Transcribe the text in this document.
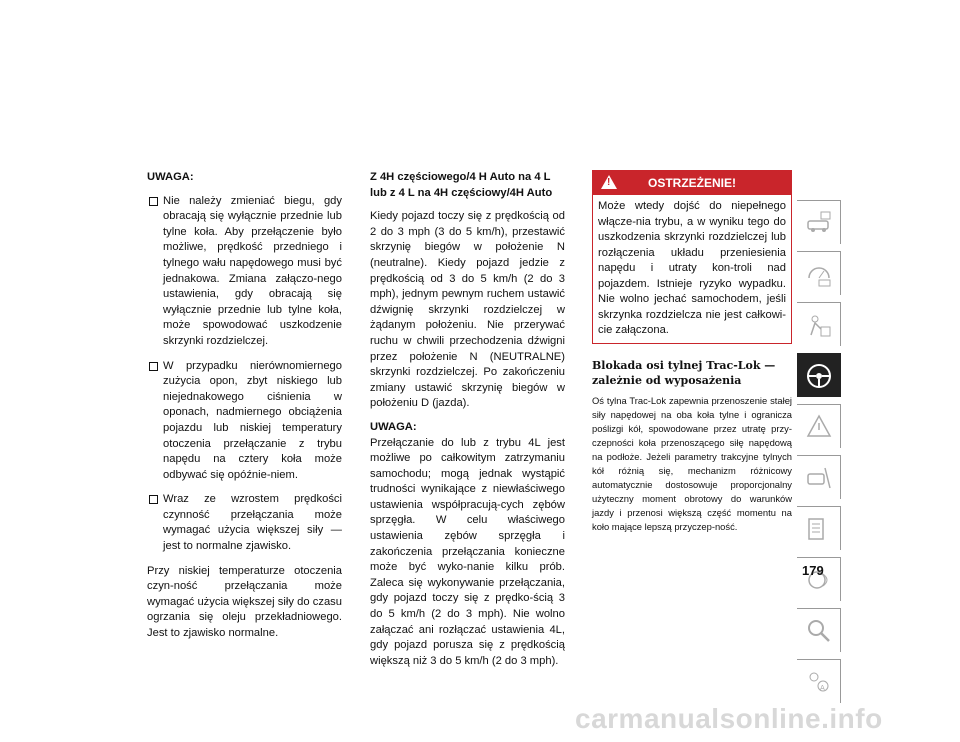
UWAGA:
Nie należy zmieniać biegu, gdy obracają się wyłącznie przednie lub tylne koła. Aby przełączenie było możliwe, prędkość przedniego i tylnego wału napędowego musi być jednakowa. Zmiana załączo-nego ustawienia, gdy obracają się wyłącznie przednie lub tylne koła, może spowodować uszkodzenie skrzynki rozdzielczej.
W przypadku nierównomiernego zużycia opon, zbyt niskiego lub niejednakowego ciśnienia w oponach, nadmiernego obciążenia pojazdu lub niskiej temperatury otoczenia przełączanie z trybu napędu na cztery koła może odbywać się opóźnie-niem.
Wraz ze wzrostem prędkości czynność przełączania może wymagać użycia większej siły — jest to normalne zjawisko.

Przy niskiej temperaturze otoczenia czyn-ność przełączania może wymagać użycia większej siły do czasu ogrzania się oleju przekładniowego. Jest to zjawisko normalne.

Z 4H częściowego/4 H Auto na 4 L lub z 4 L na 4H częściowy/4H Auto

Kiedy pojazd toczy się z prędkością od 2 do 3 mph (3 do 5 km/h), przestawić skrzynię biegów w położenie N (neutralne). Kiedy pojazd jedzie z prędkością od 3 do 5 km/h (2 do 3 mph), jednym pewnym ruchem ustawić dźwignię skrzynki rozdzielczej w żądanym położeniu. Nie przerywać ruchu w chwili przechodzenia dźwigni przez położenie N (NEUTRALNE) skrzynki rozdzielczej. Po zakończeniu zmiany ustawić skrzynię biegów w położeniu D (jazda).

UWAGA:

Przełączanie do lub z trybu 4L jest możliwe po całkowitym zatrzymaniu samochodu; mogą jednak wystąpić trudności wynikające z niewłaściwego ustawienia współpracują-cych zębów sprzęgła. W celu właściwego ustawienia zębów sprzęgła i zakończenia przełączania konieczne może być wyko-nanie kilku prób. Zaleca się wykonywanie przełączania, gdy pojazd toczy się z prędko-ścią 3 do 5 km/h (2 do 3 mph). Nie wolno załączać ani rozłączać ustawienia 4L, gdy pojazd porusza się z prędkością większą niż 3 do 5 km/h (2 do 3 mph).

!	OSTRZEŻENIE!
Może wtedy dojść do niepełnego włącze-nia trybu, a w wyniku tego do uszkodzenia skrzynki rozdzielczej lub rozłączenia układu przeniesienia napędu i utraty kon-troli nad pojazdem. Istnieje ryzyko wypadku. Nie wolno jechać samochodem, jeśli skrzynka rozdzielcza nie jest całkowi-cie załączona.
Blokada osi tylnej Trac-Lok — zależnie od wyposażenia
Oś tylna Trac-Lok zapewnia przenoszenie stałej siły napędowej na oba koła tylne i ogranicza poślizgi kół, spowodowane przez utratę przy-czepności koła przenoszącego siłę napędową na podłoże. Jeżeli parametry trakcyjne tylnych kół różnią się, mechanizm różnicowy automatycznie dostosowuje proporcjonalny użyteczny moment obrotowy do warunków jazdy i przenosi większą część momentu na koło mające lepszą przyczep-ność.
A
179
carmanualsonline.info
